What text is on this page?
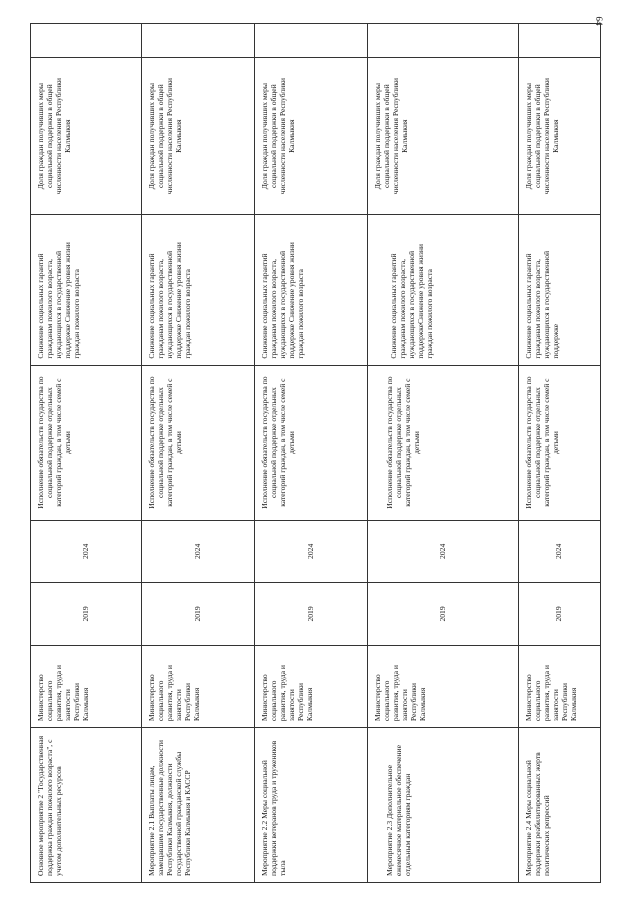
64
Основное мероприятие 2 "Государственная поддержка граждан пожилого возраста", с учетом дополнительных ресурсов	Министерство социального развития, труда и занятости Республики Калмыкия	2019	2024	Исполнение обязательств государства по социальной поддержке отдельных категорий граждан, в том числе семей с детьми	Снижение социальных гарантий гражданам пожилого возраста, нуждающихся в государственной поддержке Снижение уровня жизни граждан пожилого возраста	Доля граждан получивших меры социальной поддержки в общей численности населения Республики Калмыкия	
Мероприятие 2.1 Выплаты лицам, замещавшим государственные должности Республики Калмыкия, должности государственной гражданской службы Республики Калмыкия и КАССР	Министерство социального развития, труда и занятости Республики Калмыкия	2019	2024	Исполнение обязательств государства по социальной поддержке отдельных категорий граждан, в том числе семей с детьми	Снижение социальных гарантий гражданам пожилого возраста, нуждающихся в государственной поддержке Снижение уровня жизни граждан пожилого возраста	Доля граждан получивших меры социальной поддержки в общей численности населения Республики Калмыкия	
Мероприятие 2.2 Меры социальной поддержки ветеранов труда и тружеников тыла	Министерство социального развития, труда и занятости Республики Калмыкия	2019	2024	Исполнение обязательств государства по социальной поддержке отдельных категорий граждан, в том числе семей с детьми	Снижение социальных гарантий гражданам пожилого возраста, нуждающихся в государственной поддержке Снижение уровня жизни граждан пожилого возраста	Доля граждан получивших меры социальной поддержки в общей численности населения Республики Калмыкия	
Мероприятие 2.3 Дополнительное ежемесячное материальное обеспечение отдельным категориям граждан	Министерство социального развития, труда и занятости Республики Калмыкия	2019	2024	Исполнение обязательств государства по социальной поддержке отдельных категорий граждан, в том числе семей с детьми	Снижение социальных гарантий гражданам пожилого возраста, нуждающихся в государственной поддержкеСнижение уровня жизни граждан пожилого возраста	Доля граждан получивших меры социальной поддержки в общей численности населения Республики Калмыкия	
Мероприятие 2.4 Меры социальной поддержки реабилитированных жертв политических репрессий	Министерство социального развития, труда и занятости Республики Калмыкия	2019	2024	Исполнение обязательств государства по социальной поддержке отдельных категорий граждан, в том числе семей с детьми	Снижение социальных гарантий гражданам пожилого возраста, нуждающихся в государственной поддержке	Доля граждан получивших меры социальной поддержки в общей численности населения Республики Калмыкия	
